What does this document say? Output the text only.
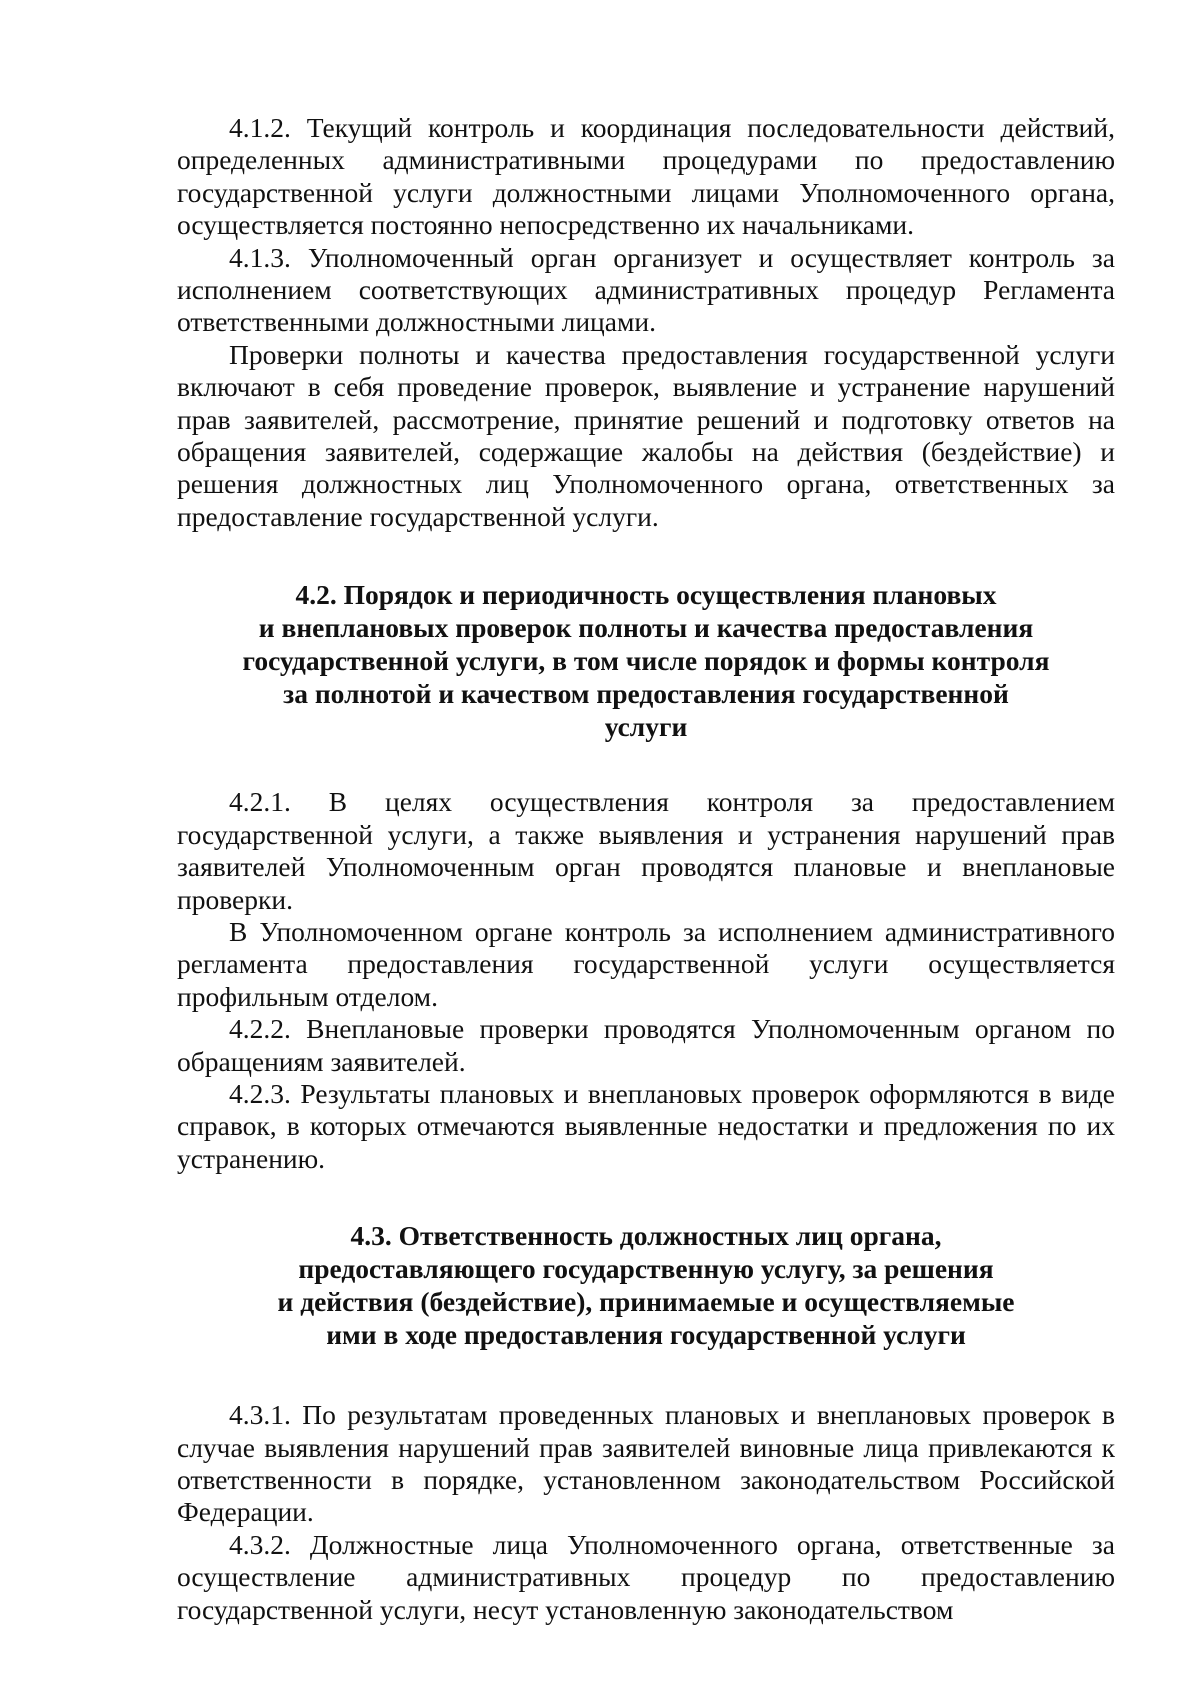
4.1.2. Текущий контроль и координация последовательности действий, определенных административными процедурами по предоставлению государственной услуги должностными лицами Уполномоченного органа, осуществляется постоянно непосредственно их начальниками.

4.1.3. Уполномоченный орган организует и осуществляет контроль за исполнением соответствующих административных процедур Регламента ответственными должностными лицами.

Проверки полноты и качества предоставления государственной услуги включают в себя проведение проверок, выявление и устранение нарушений прав заявителей, рассмотрение, принятие решений и подготовку ответов на обращения заявителей, содержащие жалобы на действия (бездействие) и решения должностных лиц Уполномоченного органа, ответственных за предоставление государственной услуги.

4.2. Порядок и периодичность осуществления плановых
и внеплановых проверок полноты и качества предоставления
государственной услуги, в том числе порядок и формы контроля
за полнотой и качеством предоставления государственной
услуги

4.2.1. В целях осуществления контроля за предоставлением государственной услуги, а также выявления и устранения нарушений прав заявителей Уполномоченным орган проводятся плановые и внеплановые проверки.

В Уполномоченном органе контроль за исполнением административного регламента предоставления государственной услуги осуществляется профильным отделом.

4.2.2. Внеплановые проверки проводятся Уполномоченным органом по обращениям заявителей.

4.2.3. Результаты плановых и внеплановых проверок оформляются в виде справок, в которых отмечаются выявленные недостатки и предложения по их устранению.

4.3. Ответственность должностных лиц органа,
предоставляющего государственную услугу, за решения
и действия (бездействие), принимаемые и осуществляемые
ими в ходе предоставления государственной услуги

4.3.1. По результатам проведенных плановых и внеплановых проверок в случае выявления нарушений прав заявителей виновные лица привлекаются к ответственности в порядке, установленном законодательством Российской Федерации.

4.3.2. Должностные лица Уполномоченного органа, ответственные за осуществление административных процедур по предоставлению государственной услуги, несут установленную законодательством
